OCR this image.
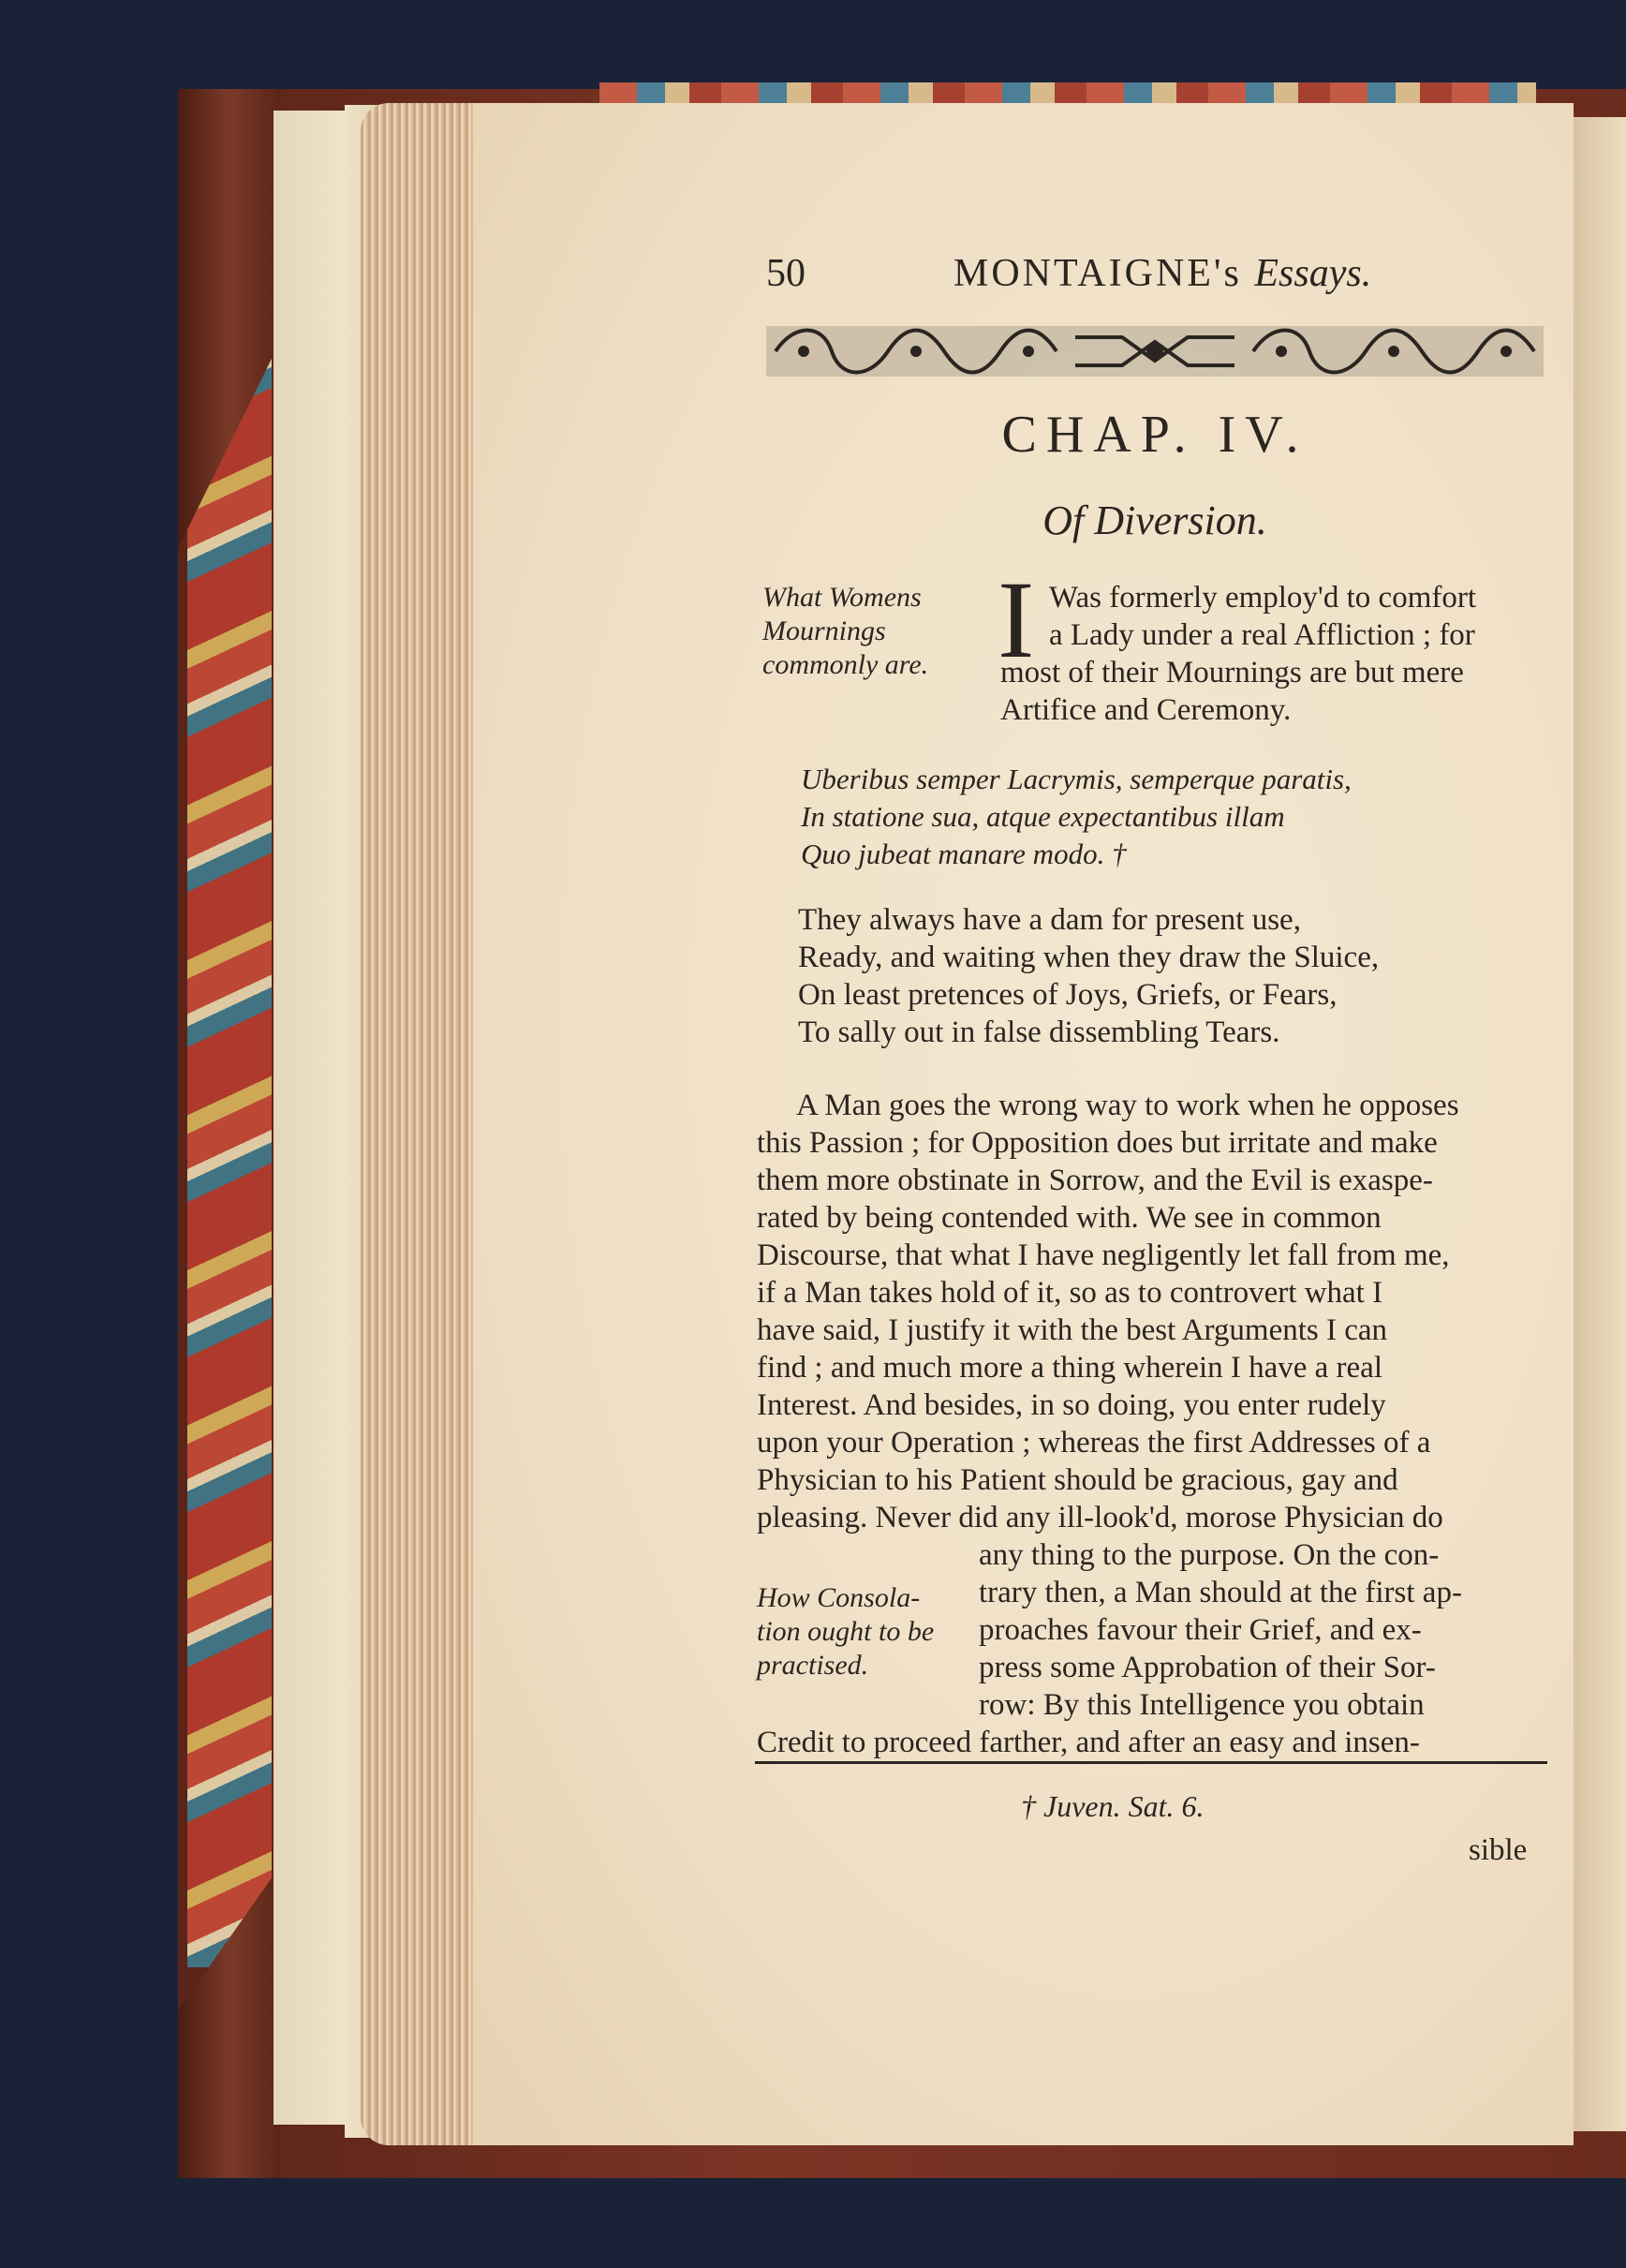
50	MONTAIGNE's Essays.
CHAP. IV.
Of Diversion.
What Womens
Mournings
commonly are. I Was formerly employ'd to comfort
a Lady under a real Affliction ; for
most of their Mournings are but mere
Artifice and Ceremony.
Uberibus semper Lacrymis, semperque paratis,
In statione sua, atque expectantibus illam
Quo jubeat manare modo. †
They always have a dam for present use,
Ready, and waiting when they draw the Sluice,
On least pretences of Joys, Griefs, or Fears,
To sally out in false dissembling Tears.
A Man goes the wrong way to work when he opposes
this Passion ; for Opposition does but irritate and make
them more obstinate in Sorrow, and the Evil is exaspe-
rated by being contended with. We see in common
Discourse, that what I have negligently let fall from me,
if a Man takes hold of it, so as to controvert what I
have said, I justify it with the best Arguments I can
find ; and much more a thing wherein I have a real
Interest. And besides, in so doing, you enter rudely
upon your Operation ; whereas the first Addresses of a
Physician to his Patient should be gracious, gay and
pleasing. Never did any ill-look'd, morose Physician do
How Consola-
tion ought to be
practised.
any thing to the purpose. On the con-
trary then, a Man should at the first ap-
proaches favour their Grief, and ex-
press some Approbation of their Sor-
row: By this Intelligence you obtain
Credit to proceed farther, and after an easy and insen-
† Juven. Sat. 6.
sible
